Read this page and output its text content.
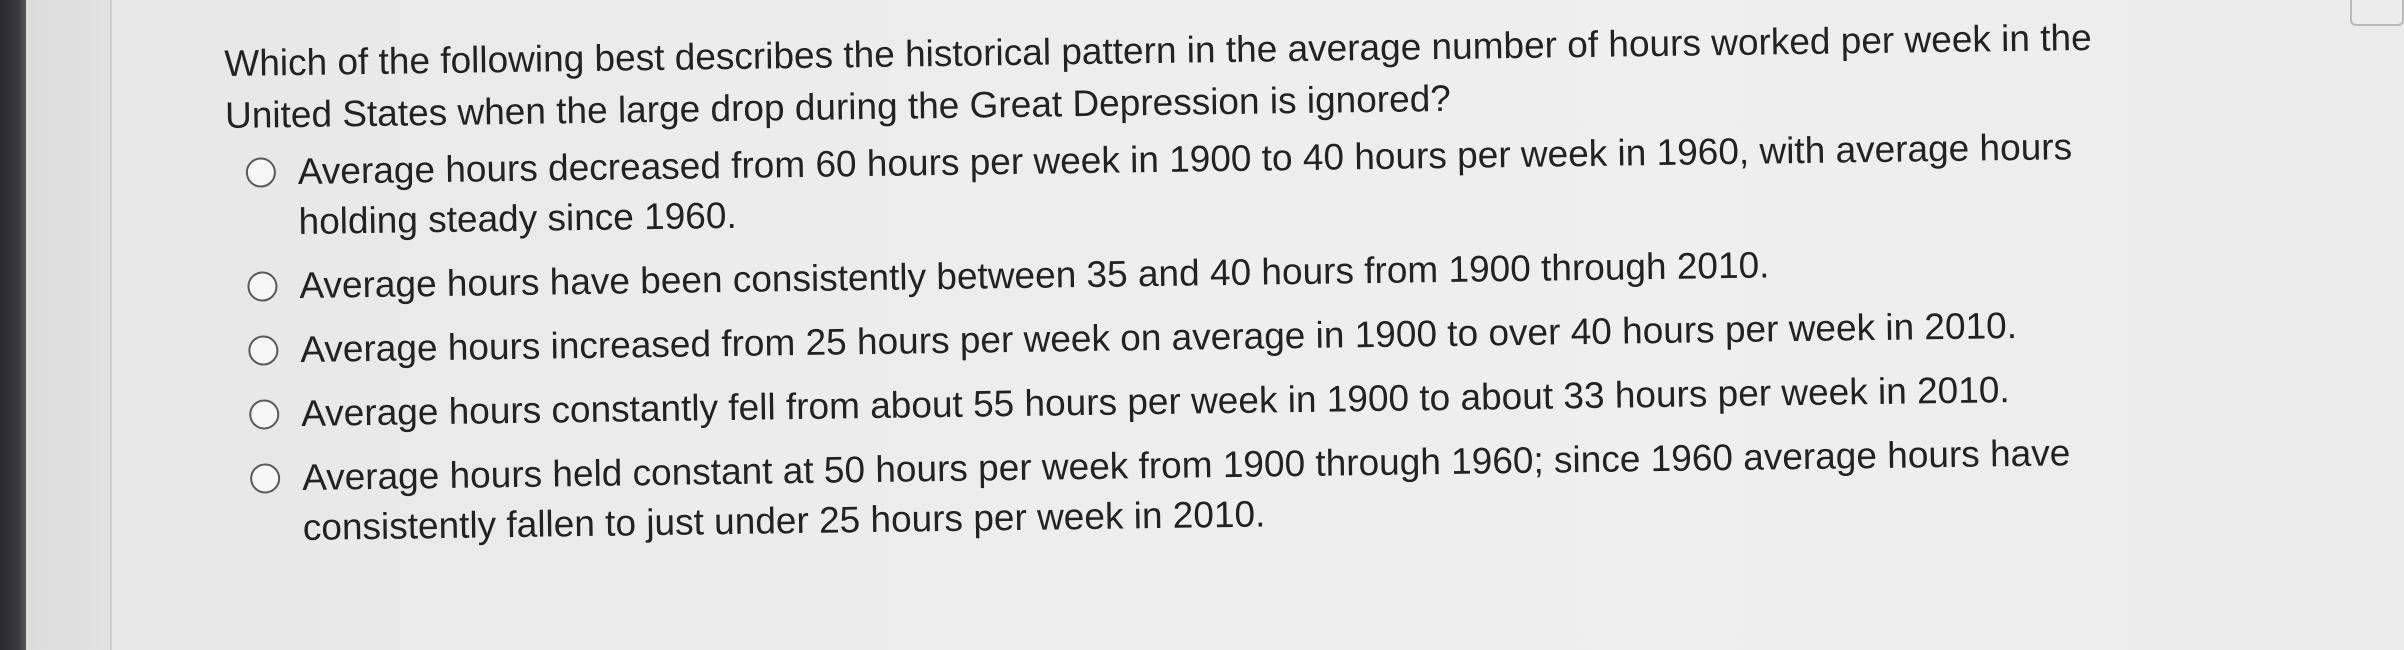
Which of the following best describes the historical pattern in the average number of hours worked per week in the United States when the large drop during the Great Depression is ignored?

Average hours decreased from 60 hours per week in 1900 to 40 hours per week in 1960, with average hours holding steady since 1960.
Average hours have been consistently between 35 and 40 hours from 1900 through 2010.
Average hours increased from 25 hours per week on average in 1900 to over 40 hours per week in 2010.
Average hours constantly fell from about 55 hours per week in 1900 to about 33 hours per week in 2010.
Average hours held constant at 50 hours per week from 1900 through 1960; since 1960 average hours have consistently fallen to just under 25 hours per week in 2010.
